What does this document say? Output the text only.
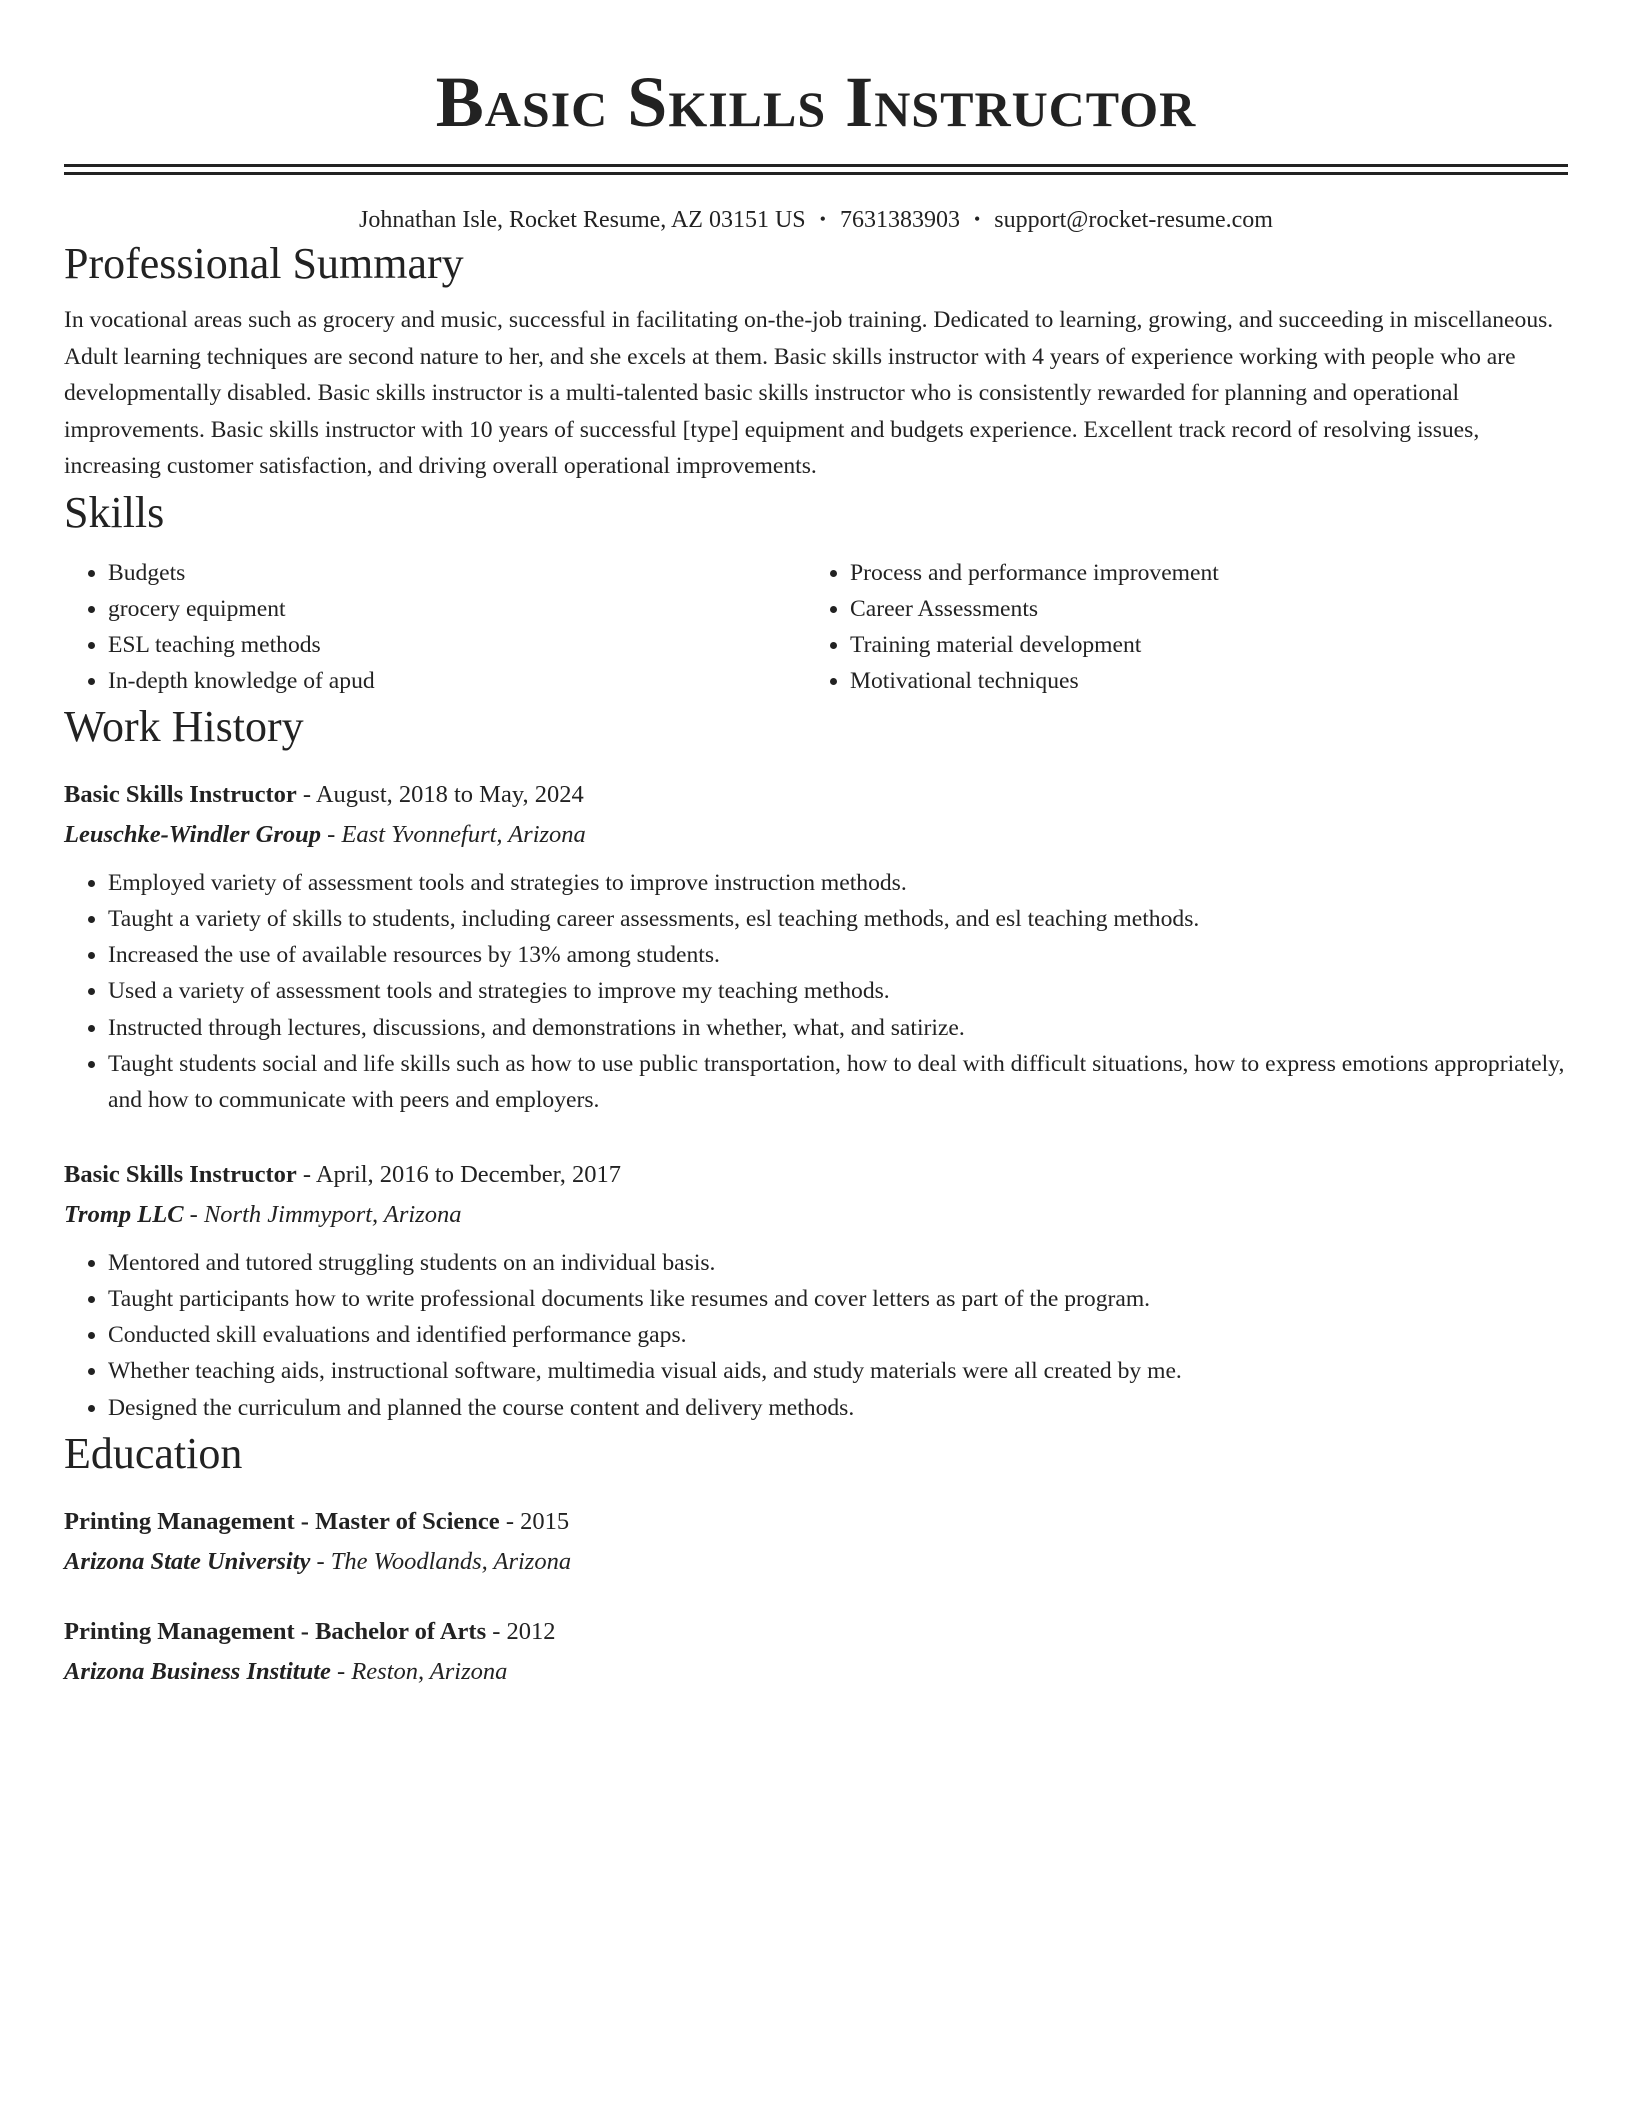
Basic Skills Instructor
Johnathan Isle, Rocket Resume, AZ 03151 US • 7631383903 • support@rocket-resume.com
Professional Summary

In vocational areas such as grocery and music, successful in facilitating on-the-job training. Dedicated to learning, growing, and succeeding in miscellaneous. Adult learning techniques are second nature to her, and she excels at them. Basic skills instructor with 4 years of experience working with people who are developmentally disabled. Basic skills instructor is a multi-talented basic skills instructor who is consistently rewarded for planning and operational improvements. Basic skills instructor with 10 years of successful [type] equipment and budgets experience. Excellent track record of resolving issues, increasing customer satisfaction, and driving overall operational improvements.

Skills
• Budgets
• grocery equipment
• ESL teaching methods
• In-depth knowledge of apud
• Process and performance improvement
• Career Assessments
• Training material development
• Motivational techniques
Work History
Basic Skills Instructor - August, 2018 to May, 2024
Leuschke-Windler Group - East Yvonnefurt, Arizona
• Employed variety of assessment tools and strategies to improve instruction methods.
• Taught a variety of skills to students, including career assessments, esl teaching methods, and esl teaching methods.
• Increased the use of available resources by 13% among students.
• Used a variety of assessment tools and strategies to improve my teaching methods.
• Instructed through lectures, discussions, and demonstrations in whether, what, and satirize.
• Taught students social and life skills such as how to use public transportation, how to deal with difficult situations, how to express emotions appropriately, and how to communicate with peers and employers.
Basic Skills Instructor - April, 2016 to December, 2017
Tromp LLC - North Jimmyport, Arizona
• Mentored and tutored struggling students on an individual basis.
• Taught participants how to write professional documents like resumes and cover letters as part of the program.
• Conducted skill evaluations and identified performance gaps.
• Whether teaching aids, instructional software, multimedia visual aids, and study materials were all created by me.
• Designed the curriculum and planned the course content and delivery methods.
Education
Printing Management - Master of Science - 2015
Arizona State University - The Woodlands, Arizona
Printing Management - Bachelor of Arts - 2012
Arizona Business Institute - Reston, Arizona
